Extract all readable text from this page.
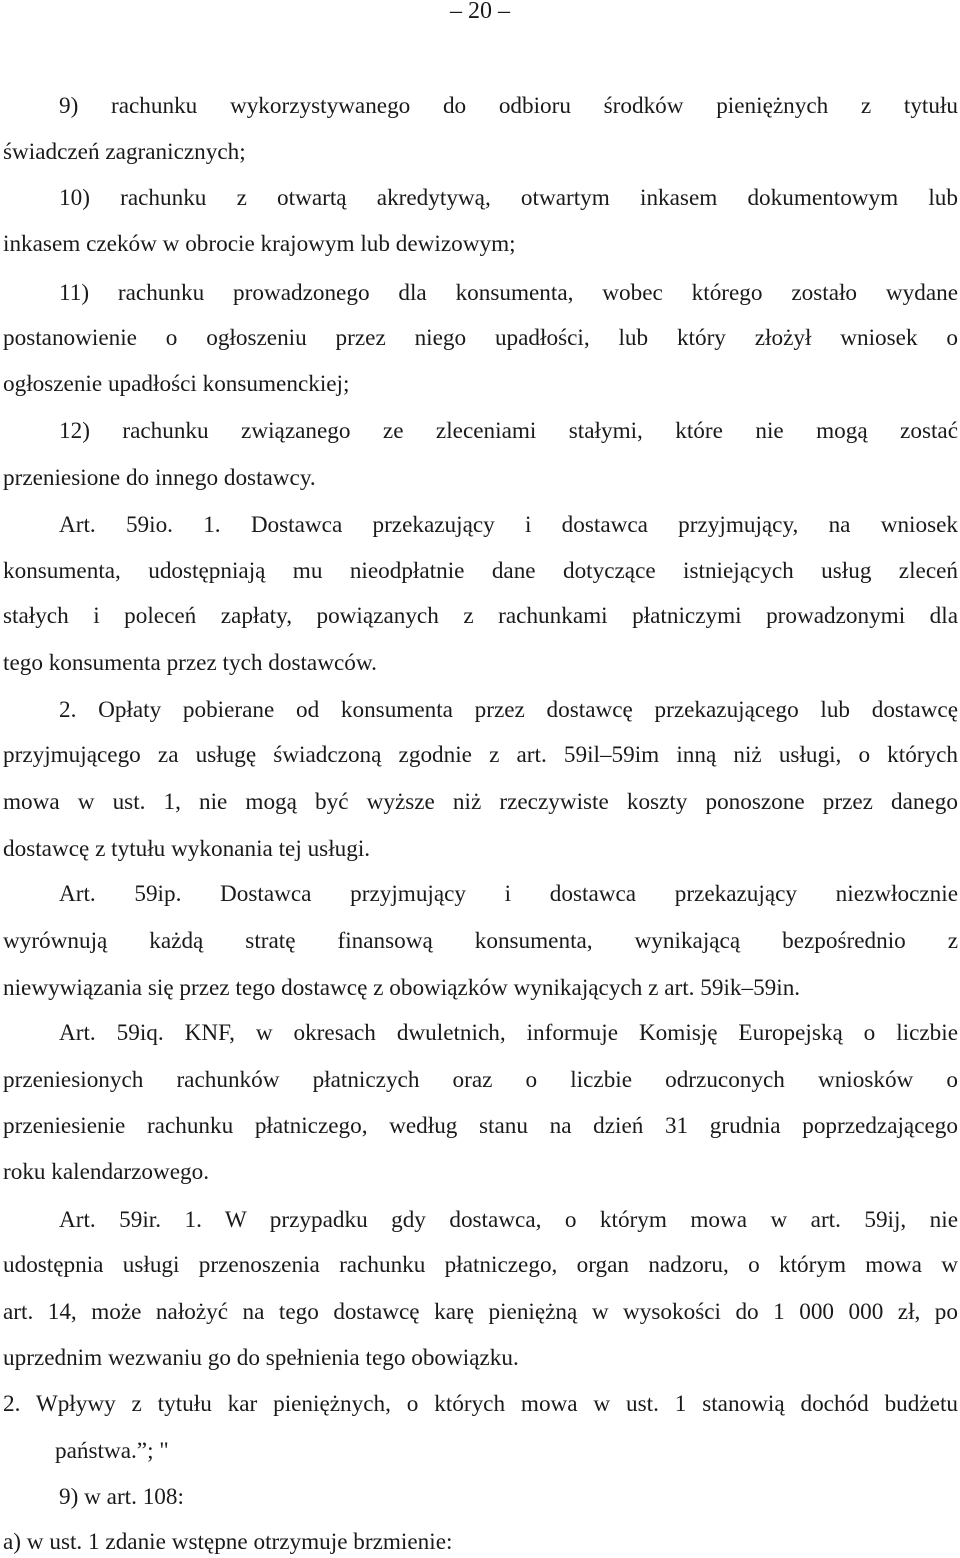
– 20 –
9) rachunku wykorzystywanego do odbioru środków pieniężnych z tytułu
świadczeń zagranicznych;
10) rachunku z otwartą akredytywą, otwartym inkasem dokumentowym lub
inkasem czeków w obrocie krajowym lub dewizowym;
11) rachunku prowadzonego dla konsumenta, wobec którego zostało wydane
postanowienie o ogłoszeniu przez niego upadłości, lub który złożył wniosek o
ogłoszenie upadłości konsumenckiej;
12) rachunku związanego ze zleceniami stałymi, które nie mogą zostać
przeniesione do innego dostawcy.
Art. 59io. 1. Dostawca przekazujący i dostawca przyjmujący, na wniosek
konsumenta, udostępniają mu nieodpłatnie dane dotyczące istniejących usług zleceń
stałych i poleceń zapłaty, powiązanych z rachunkami płatniczymi prowadzonymi dla
tego konsumenta przez tych dostawców.
2. Opłaty pobierane od konsumenta przez dostawcę przekazującego lub dostawcę
przyjmującego za usługę świadczoną zgodnie z art. 59il–59im inną niż usługi, o których
mowa w ust. 1, nie mogą być wyższe niż rzeczywiste koszty ponoszone przez danego
dostawcę z tytułu wykonania tej usługi.
Art. 59ip. Dostawca przyjmujący i dostawca przekazujący niezwłocznie
wyrównują każdą stratę finansową konsumenta, wynikającą bezpośrednio z
niewywiązania się przez tego dostawcę z obowiązków wynikających z art. 59ik–59in.
Art. 59iq. KNF, w okresach dwuletnich, informuje Komisję Europejską o liczbie
przeniesionych rachunków płatniczych oraz o liczbie odrzuconych wniosków o
przeniesienie rachunku płatniczego, według stanu na dzień 31 grudnia poprzedzającego
roku kalendarzowego.
Art. 59ir. 1. W przypadku gdy dostawca, o którym mowa w art. 59ij, nie
udostępnia usługi przenoszenia rachunku płatniczego, organ nadzoru, o którym mowa w
art. 14, może nałożyć na tego dostawcę karę pieniężną w wysokości do 1 000 000 zł, po
uprzednim wezwaniu go do spełnienia tego obowiązku.
2. Wpływy z tytułu kar pieniężnych, o których mowa w ust. 1 stanowią dochód budżetu
państwa.”; "
9) w art. 108:
a) w ust. 1 zdanie wstępne otrzymuje brzmienie:
